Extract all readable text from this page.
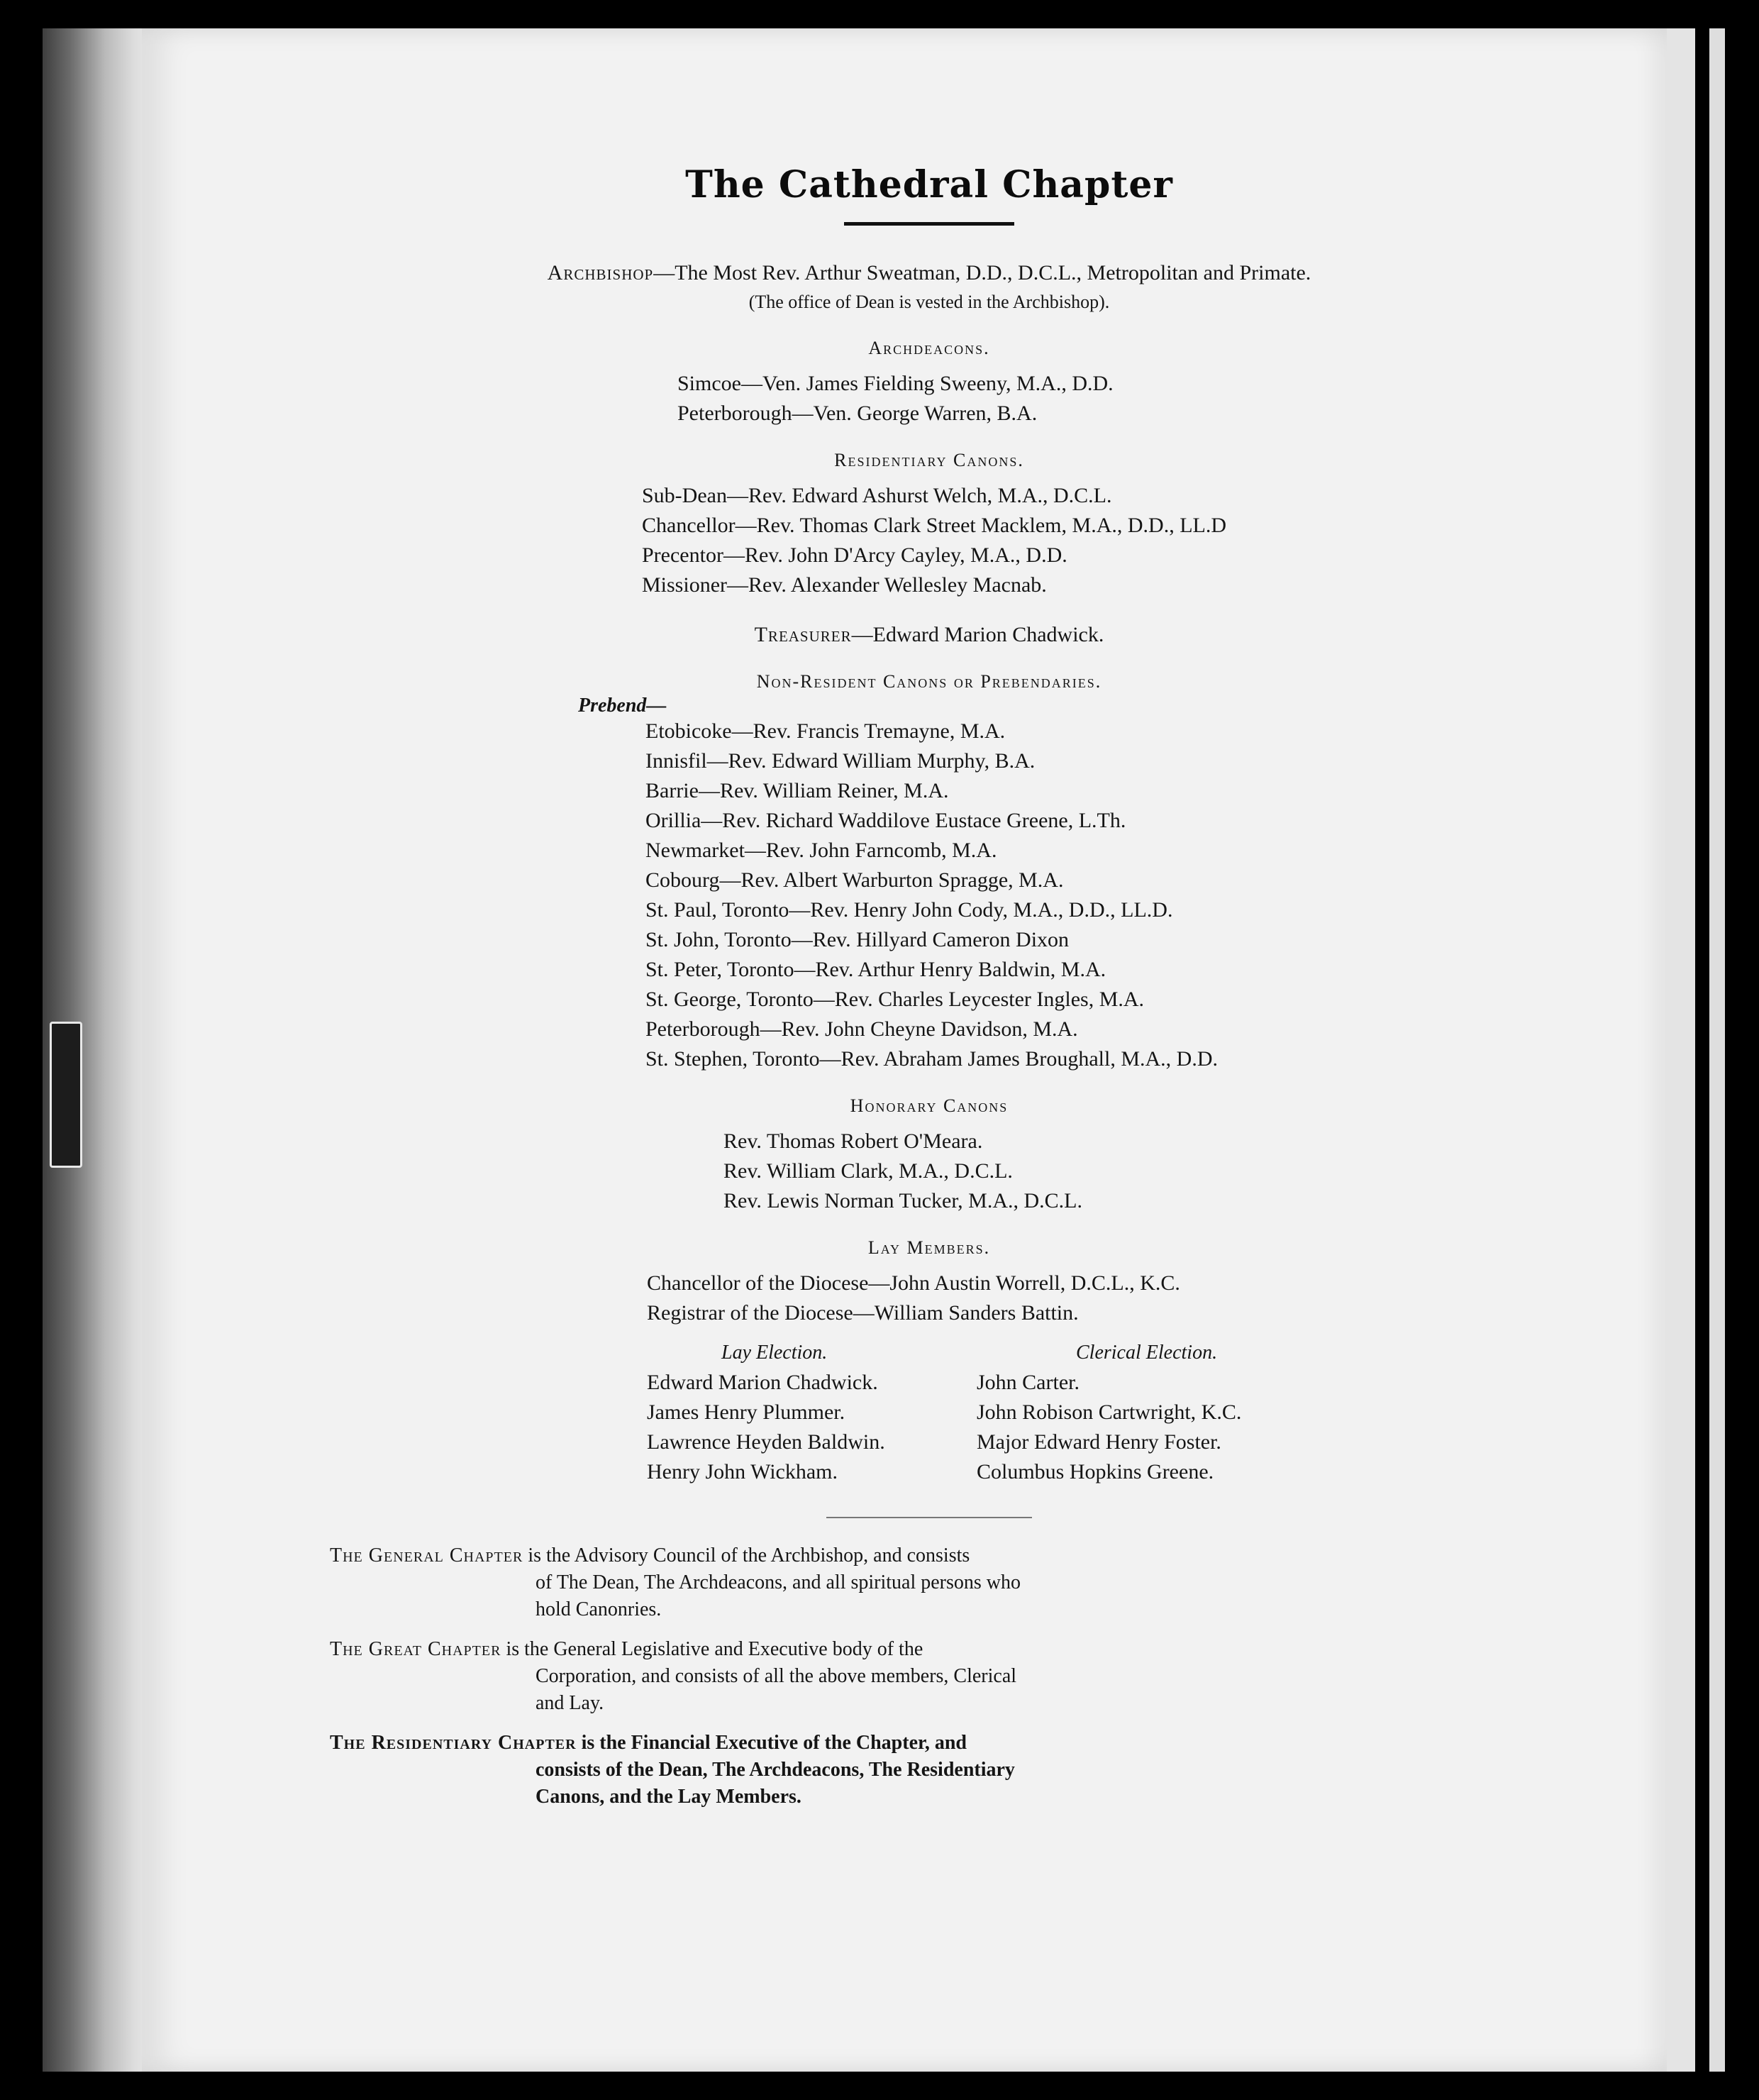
The Cathedral Chapter
Archbishop—The Most Rev. Arthur Sweatman, D.D., D.C.L., Metropolitan and Primate.
(The office of Dean is vested in the Archbishop).
Archdeacons.
Simcoe—Ven. James Fielding Sweeny, M.A., D.D.
Peterborough—Ven. George Warren, B.A.
Residentiary Canons.
Sub-Dean—Rev. Edward Ashurst Welch, M.A., D.C.L.
Chancellor—Rev. Thomas Clark Street Macklem, M.A., D.D., LL.D
Precentor—Rev. John D'Arcy Cayley, M.A., D.D.
Missioner—Rev. Alexander Wellesley Macnab.
Treasurer—Edward Marion Chadwick.
Non-Resident Canons or Prebendaries.
Prebend—
Etobicoke—Rev. Francis Tremayne, M.A.
Innisfil—Rev. Edward William Murphy, B.A.
Barrie—Rev. William Reiner, M.A.
Orillia—Rev. Richard Waddilove Eustace Greene, L.Th.
Newmarket—Rev. John Farncomb, M.A.
Cobourg—Rev. Albert Warburton Spragge, M.A.
St. Paul, Toronto—Rev. Henry John Cody, M.A., D.D., LL.D.
St. John, Toronto—Rev. Hillyard Cameron Dixon
St. Peter, Toronto—Rev. Arthur Henry Baldwin, M.A.
St. George, Toronto—Rev. Charles Leycester Ingles, M.A.
Peterborough—Rev. John Cheyne Davidson, M.A.
St. Stephen, Toronto—Rev. Abraham James Broughall, M.A., D.D.
Honorary Canons
Rev. Thomas Robert O'Meara.
Rev. William Clark, M.A., D.C.L.
Rev. Lewis Norman Tucker, M.A., D.C.L.
Lay Members.
Chancellor of the Diocese—John Austin Worrell, D.C.L., K.C.
Registrar of the Diocese—William Sanders Battin.
Lay Election.
Edward Marion Chadwick.
James Henry Plummer.
Lawrence Heyden Baldwin.
Henry John Wickham.
Clerical Election.
John Carter.
John Robison Cartwright, K.C.
Major Edward Henry Foster.
Columbus Hopkins Greene.
The General Chapter is the Advisory Council of the Archbishop, and consists
of The Dean, The Archdeacons, and all spiritual persons who
hold Canonries.
The Great Chapter is the General Legislative and Executive body of the
Corporation, and consists of all the above members, Clerical
and Lay.
The Residentiary Chapter is the Financial Executive of the Chapter, and
consists of the Dean, The Archdeacons, The Residentiary
Canons, and the Lay Members.
